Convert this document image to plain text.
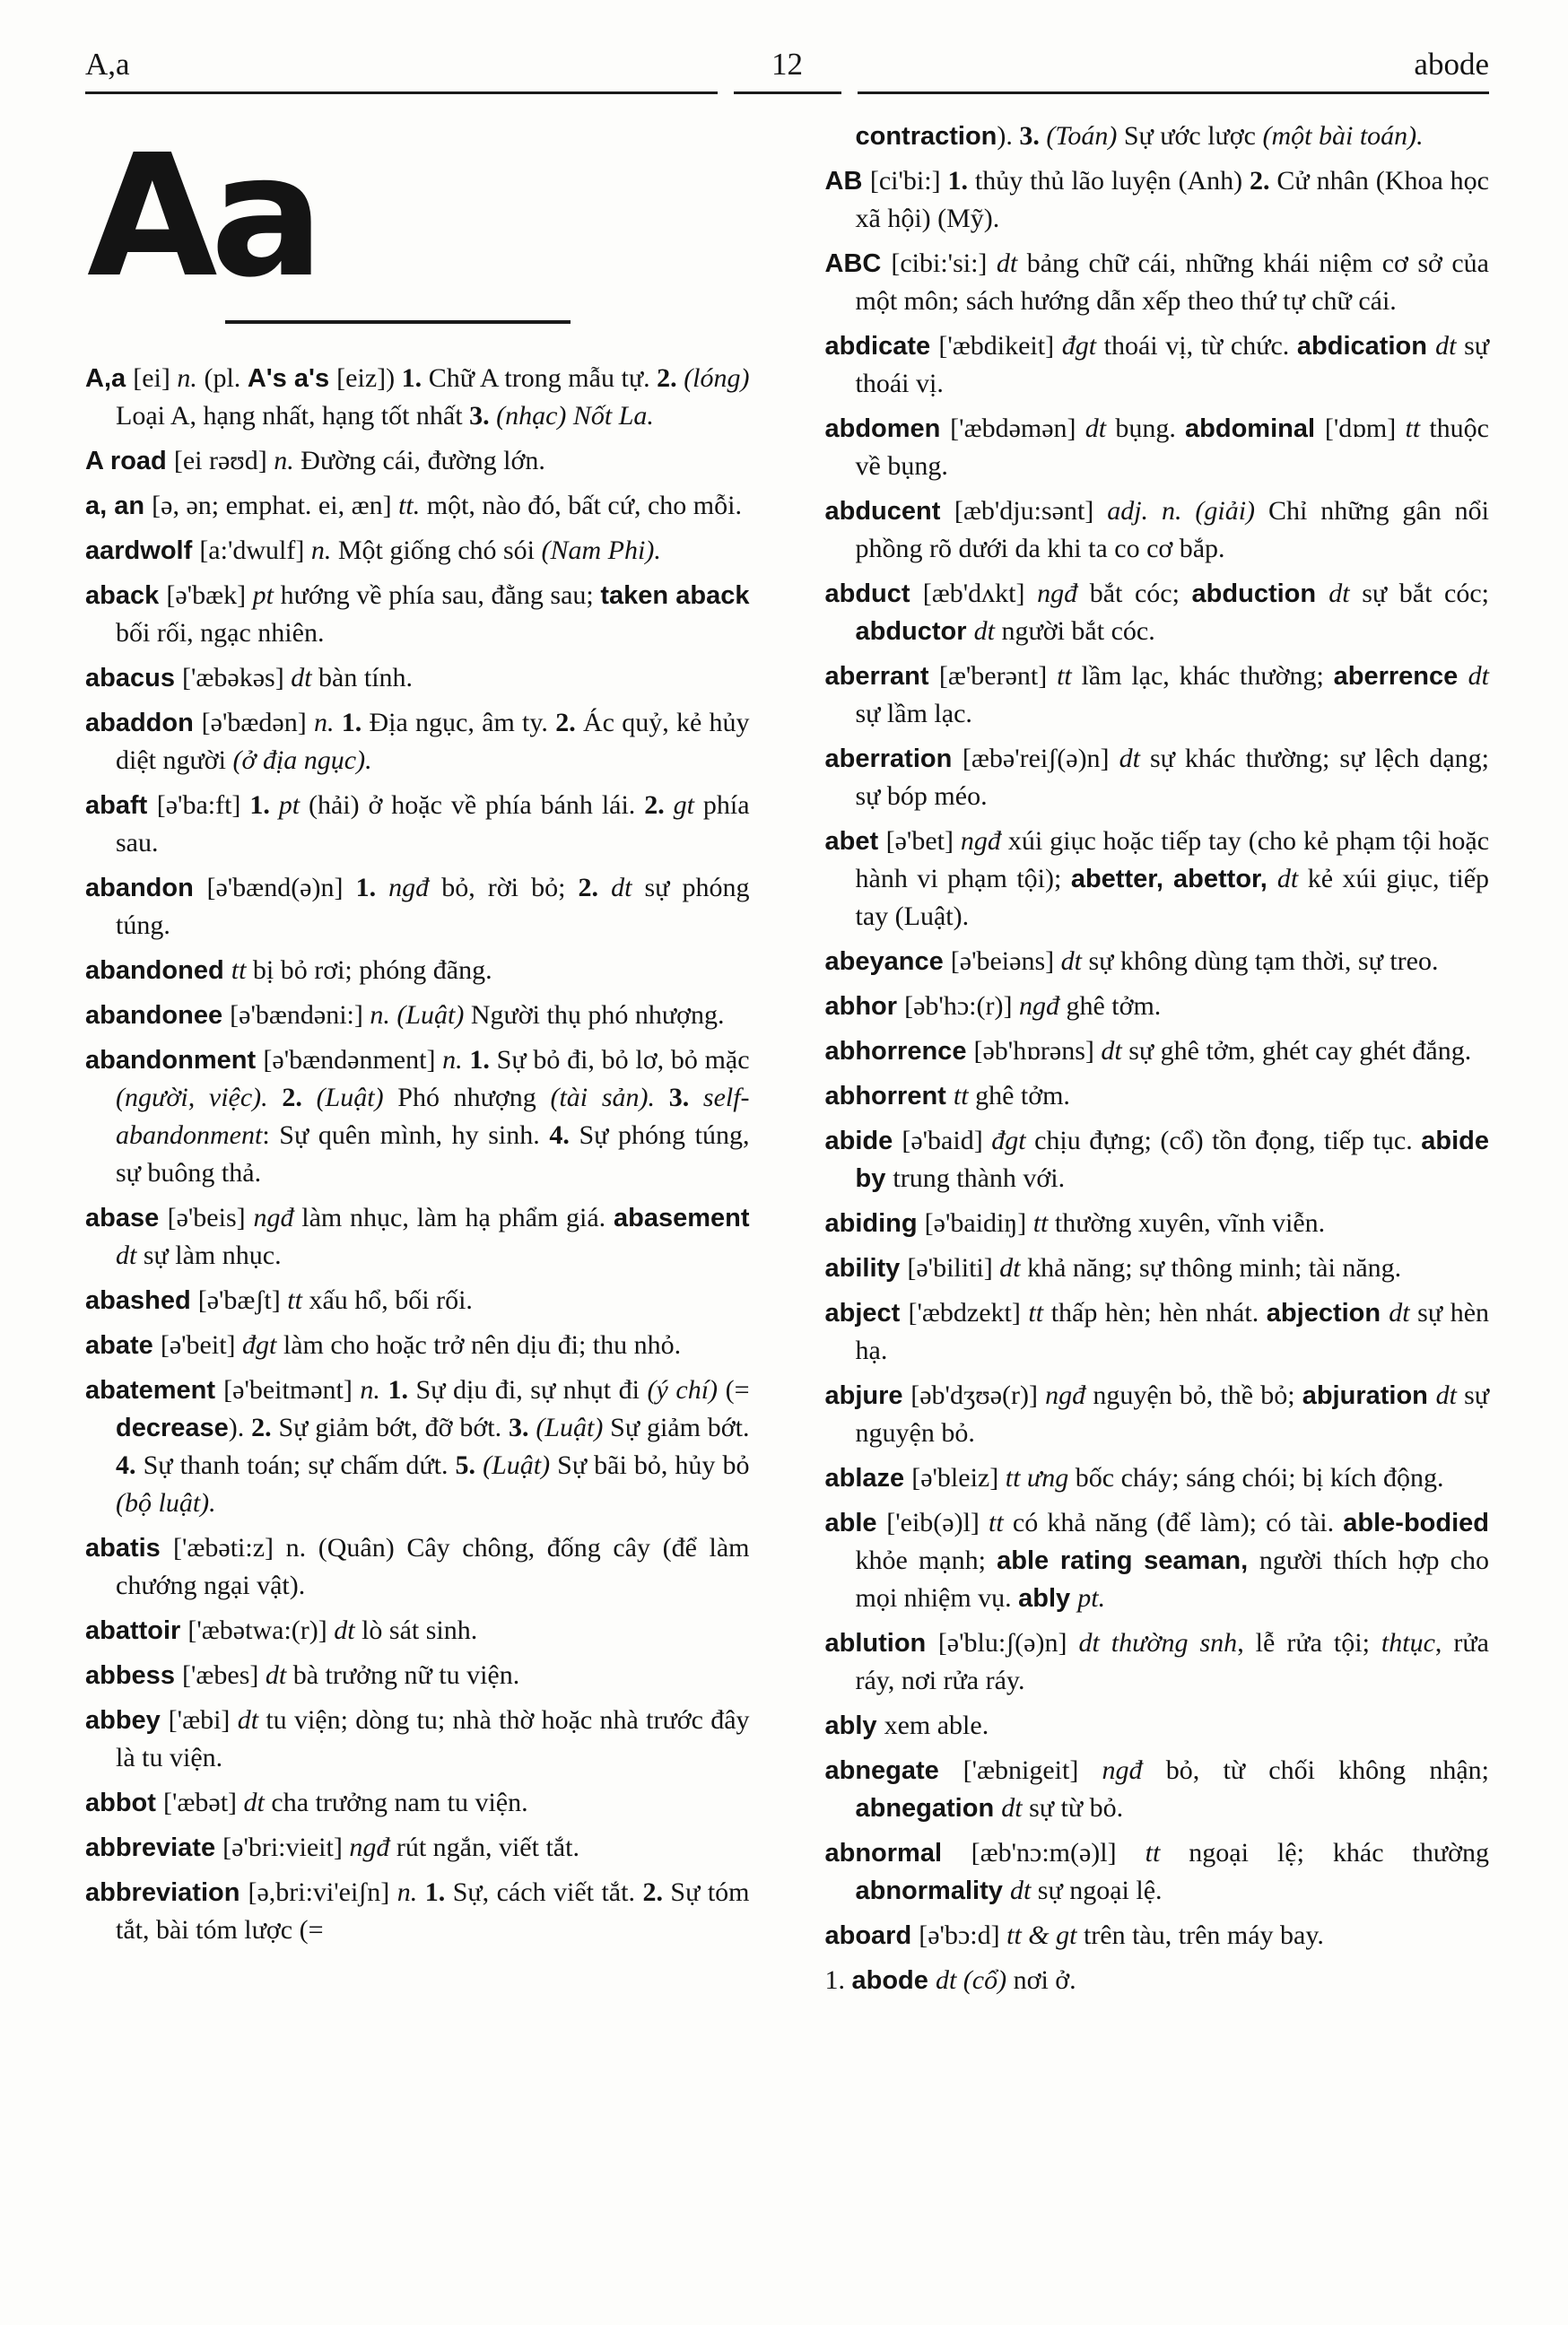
A,a	12	abode
Aa

A,a [ei] n. (pl. A's a's [eiz]) 1. Chữ A trong mẫu tự. 2. (lóng) Loại A, hạng nhất, hạng tốt nhất 3. (nhạc) Nốt La.

A road [ei rəʊd] n. Đường cái, đường lớn.

a, an [ə, ən; emphat. ei, æn] tt. một, nào đó, bất cứ, cho mỗi.

aardwolf [a:'dwulf] n. Một giống chó sói (Nam Phi).

aback [ə'bæk] pt hướng về phía sau, đằng sau; taken aback bối rối, ngạc nhiên.

abacus ['æbəkəs] dt bàn tính.

abaddon [ə'bædən] n. 1. Địa ngục, âm ty. 2. Ác quỷ, kẻ hủy diệt người (ở địa ngục).

abaft [ə'ba:ft] 1. pt (hải) ở hoặc về phía bánh lái. 2. gt phía sau.

abandon [ə'bænd(ə)n] 1. ngđ bỏ, rời bỏ; 2. dt sự phóng túng.

abandoned tt bị bỏ rơi; phóng đãng.

abandonee [ə'bændəni:] n. (Luật) Người thụ phó nhượng.

abandonment [ə'bændənment] n. 1. Sự bỏ đi, bỏ lơ, bỏ mặc (người, việc). 2. (Luật) Phó nhượng (tài sản). 3. self-abandonment: Sự quên mình, hy sinh. 4. Sự phóng túng, sự buông thả.

abase [ə'beis] ngđ làm nhục, làm hạ phẩm giá. abasement dt sự làm nhục.

abashed [ə'bæʃt] tt xấu hổ, bối rối.

abate [ə'beit] đgt làm cho hoặc trở nên dịu đi; thu nhỏ.

abatement [ə'beitmənt] n. 1. Sự dịu đi, sự nhụt đi (ý chí) (= decrease). 2. Sự giảm bớt, đỡ bớt. 3. (Luật) Sự giảm bớt. 4. Sự thanh toán; sự chấm dứt. 5. (Luật) Sự bãi bỏ, hủy bỏ (bộ luật).

abatis ['æbəti:z] n. (Quân) Cây chông, đống cây (để làm chướng ngại vật).

abattoir ['æbətwa:(r)] dt lò sát sinh.

abbess ['æbes] dt bà trưởng nữ tu viện.

abbey ['æbi] dt tu viện; dòng tu; nhà thờ hoặc nhà trước đây là tu viện.

abbot ['æbət] dt cha trưởng nam tu viện.

abbreviate [ə'bri:vieit] ngđ rút ngắn, viết tắt.

abbreviation [ə,bri:vi'eiʃn] n. 1. Sự, cách viết tắt. 2. Sự tóm tắt, bài tóm lược (=

contraction). 3. (Toán) Sự ước lược (một bài toán).

AB [ci'bi:] 1. thủy thủ lão luyện (Anh) 2. Cử nhân (Khoa học xã hội) (Mỹ).

ABC [cibi:'si:] dt bảng chữ cái, những khái niệm cơ sở của một môn; sách hướng dẫn xếp theo thứ tự chữ cái.

abdicate ['æbdikeit] đgt thoái vị, từ chức. abdication dt sự thoái vị.

abdomen ['æbdəmən] dt bụng. abdominal ['dɒm] tt thuộc về bụng.

abducent [æb'dju:sənt] adj. n. (giải) Chỉ những gân nổi phồng rõ dưới da khi ta co cơ bắp.

abduct [æb'dʌkt] ngđ bắt cóc; abduction dt sự bắt cóc; abductor dt người bắt cóc.

aberrant [æ'berənt] tt lầm lạc, khác thường; aberrence dt sự lầm lạc.

aberration [æbə'reiʃ(ə)n] dt sự khác thường; sự lệch dạng; sự bóp méo.

abet [ə'bet] ngđ xúi giục hoặc tiếp tay (cho kẻ phạm tội hoặc hành vi phạm tội); abetter, abettor, dt kẻ xúi giục, tiếp tay (Luật).

abeyance [ə'beiəns] dt sự không dùng tạm thời, sự treo.

abhor [əb'hɔ:(r)] ngđ ghê tởm.

abhorrence [əb'hɒrəns] dt sự ghê tởm, ghét cay ghét đắng.

abhorrent tt ghê tởm.

abide [ə'baid] đgt chịu đựng; (cổ) tồn đọng, tiếp tục. abide by trung thành với.

abiding [ə'baidiŋ] tt thường xuyên, vĩnh viễn.

ability [ə'biliti] dt khả năng; sự thông minh; tài năng.

abject ['æbdzekt] tt thấp hèn; hèn nhát. abjection dt sự hèn hạ.

abjure [əb'dʒʊə(r)] ngđ nguyện bỏ, thề bỏ; abjuration dt sự nguyện bỏ.

ablaze [ə'bleiz] tt ưng bốc cháy; sáng chói; bị kích động.

able ['eib(ə)l] tt có khả năng (để làm); có tài. able-bodied khỏe mạnh; able rating seaman, người thích hợp cho mọi nhiệm vụ. ably pt.

ablution [ə'blu:ʃ(ə)n] dt thường snh, lễ rửa tội; thtục, rửa ráy, nơi rửa ráy.

ably xem able.

abnegate ['æbnigeit] ngđ bỏ, từ chối không nhận; abnegation dt sự từ bỏ.

abnormal [æb'nɔ:m(ə)l] tt ngoại lệ; khác thường abnormality dt sự ngoại lệ.

aboard [ə'bɔ:d] tt & gt trên tàu, trên máy bay.

1. abode dt (cổ) nơi ở.
